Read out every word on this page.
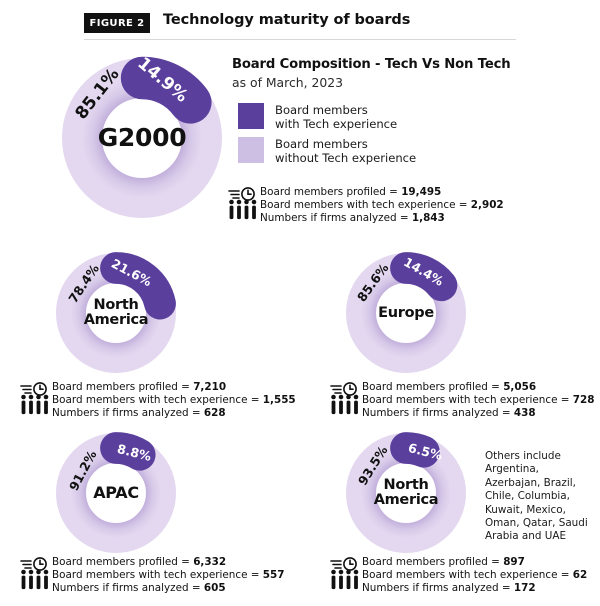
FIGURE 2	Technology maturity of boards
Board Composition - Tech Vs Non Tech
as of March, 2023
Board members
with Tech experience
Board members
without Tech experience
G2000
14.9%
85.1%
North
America
21.6%
78.4%
Europe
14.4%
85.6%
APAC
8.8%
91.2%	North
America
6.5%
93.5%
Board members profiled = 19,495
Board members with tech experience = 2,902
Numbers if firms analyzed = 1,843
Board members profiled = 7,210
Board members with tech experience = 1,555
Numbers if firms analyzed = 628
Board members profiled = 5,056
Board members with tech experience = 728
Numbers if firms analyzed = 438
Board members profiled = 6,332
Board members with tech experience = 557
Numbers if firms analyzed = 605
Board members profiled = 897
Board members with tech experience = 62
Numbers if firms analyzed = 172
Others include Argentina, Azerbajan, Brazil, Chile, Columbia, Kuwait, Mexico, Oman, Qatar, Saudi Arabia and UAE
